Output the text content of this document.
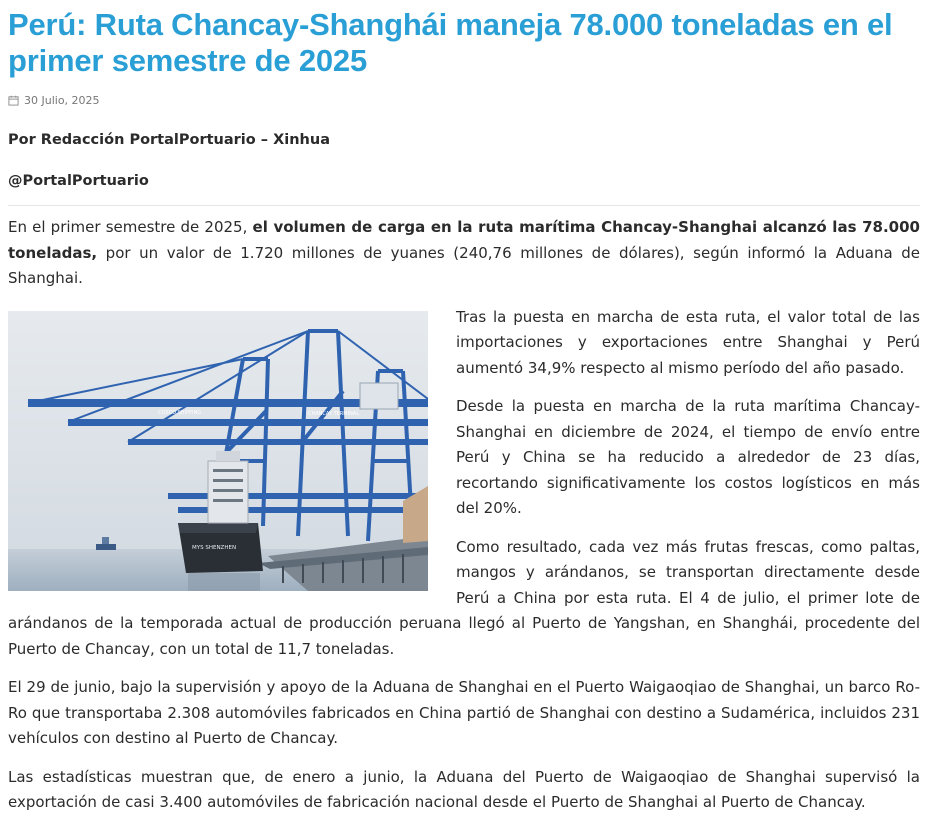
Perú: Ruta Chancay-Shanghái maneja 78.000 toneladas en el primer semestre de 2025
30 Julio, 2025
Por Redacción PortalPortuario – Xinhua
@PortalPortuario

En el primer semestre de 2025, el volumen de carga en la ruta marítima Chancay-Shanghai alcanzó las 78.000 toneladas, por un valor de 1.720 millones de yuanes (240,76 millones de dólares), según informó la Aduana de Shanghai.

COSCO SHIPPING	CHANCAY TERMINAL
MYS SHENZHEN

Tras la puesta en marcha de esta ruta, el valor total de las importaciones y exportaciones entre Shanghai y Perú aumentó 34,9% respecto al mismo período del año pasado.

Desde la puesta en marcha de la ruta marítima Chancay-Shanghai en diciembre de 2024, el tiempo de envío entre Perú y China se ha reducido a alrededor de 23 días, recortando significativamente los costos logísticos en más del 20%.

Como resultado, cada vez más frutas frescas, como paltas, mangos y arándanos, se transportan directamente desde Perú a China por esta ruta. El 4 de julio, el primer lote de arándanos de la temporada actual de producción peruana llegó al Puerto de Yangshan, en Shanghái, procedente del Puerto de Chancay, con un total de 11,7 toneladas.

El 29 de junio, bajo la supervisión y apoyo de la Aduana de Shanghai en el Puerto Waigaoqiao de Shanghai, un barco Ro-Ro que transportaba 2.308 automóviles fabricados en China partió de Shanghai con destino a Sudamérica, incluidos 231 vehículos con destino al Puerto de Chancay.

Las estadísticas muestran que, de enero a junio, la Aduana del Puerto de Waigaoqiao de Shanghai supervisó la exportación de casi 3.400 automóviles de fabricación nacional desde el Puerto de Shanghai al Puerto de Chancay.
